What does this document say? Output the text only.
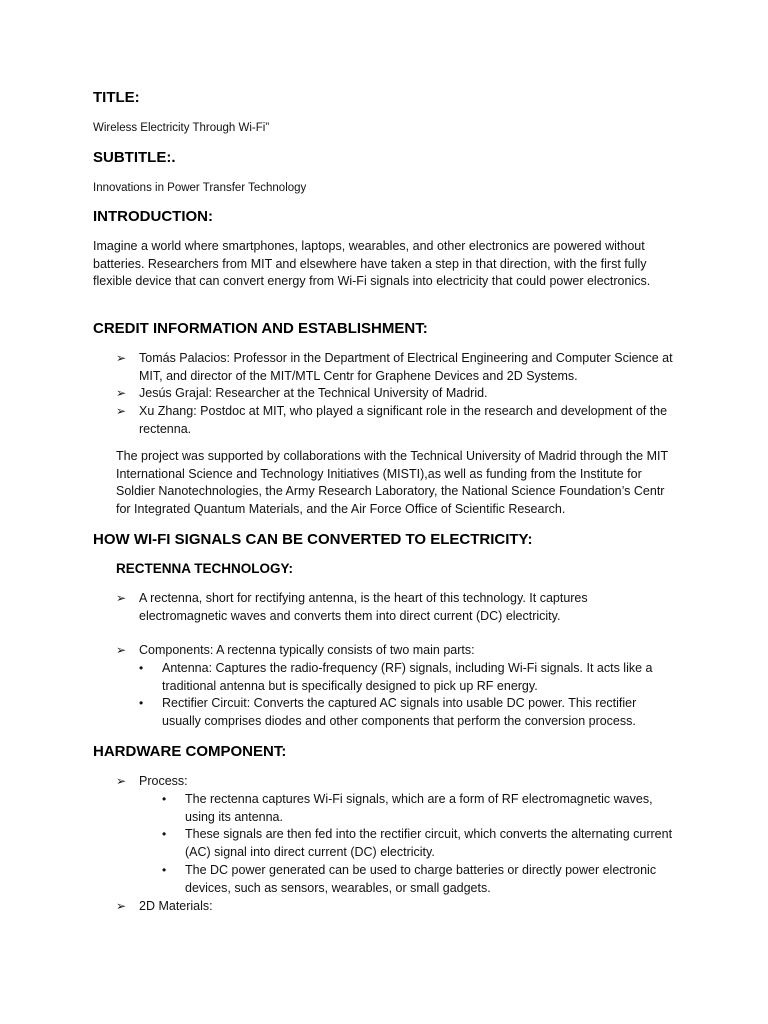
TITLE:
Wireless Electricity Through Wi-Fi”
SUBTITLE:.
Innovations in Power Transfer Technology
INTRODUCTION:

Imagine a world where smartphones, laptops, wearables, and other electronics are powered without batteries. Researchers from MIT and elsewhere have taken a step in that direction, with the first fully flexible device that can convert energy from Wi-Fi signals into electricity that could power electronics.

CREDIT INFORMATION AND ESTABLISHMENT:
➢ Tomás Palacios: Professor in the Department of Electrical Engineering and Computer Science at MIT, and director of the MIT/MTL Centr for Graphene Devices and 2D Systems.
➢ Jesús Grajal: Researcher at the Technical University of Madrid.
➢ Xu Zhang: Postdoc at MIT, who played a significant role in the research and development of the rectenna.

The project was supported by collaborations with the Technical University of Madrid through the MIT International Science and Technology Initiatives (MISTI),as well as funding from the Institute for Soldier Nanotechnologies, the Army Research Laboratory, the National Science Foundation’s Centr for Integrated Quantum Materials, and the Air Force Office of Scientific Research.

HOW WI-FI SIGNALS CAN BE CONVERTED TO ELECTRICITY:
RECTENNA TECHNOLOGY:
➢ A rectenna, short for rectifying antenna, is the heart of this technology. It captures electromagnetic waves and converts them into direct current (DC) electricity.
➢ Components: A rectenna typically consists of two main parts:
• Antenna: Captures the radio-frequency (RF) signals, including Wi-Fi signals. It acts like a traditional antenna but is specifically designed to pick up RF energy.
• Rectifier Circuit: Converts the captured AC signals into usable DC power. This rectifier usually comprises diodes and other components that perform the conversion process.
HARDWARE COMPONENT:
➢ Process:
• The rectenna captures Wi-Fi signals, which are a form of RF electromagnetic waves, using its antenna.
• These signals are then fed into the rectifier circuit, which converts the alternating current (AC) signal into direct current (DC) electricity.
• The DC power generated can be used to charge batteries or directly power electronic devices, such as sensors, wearables, or small gadgets.
➢ 2D Materials:
